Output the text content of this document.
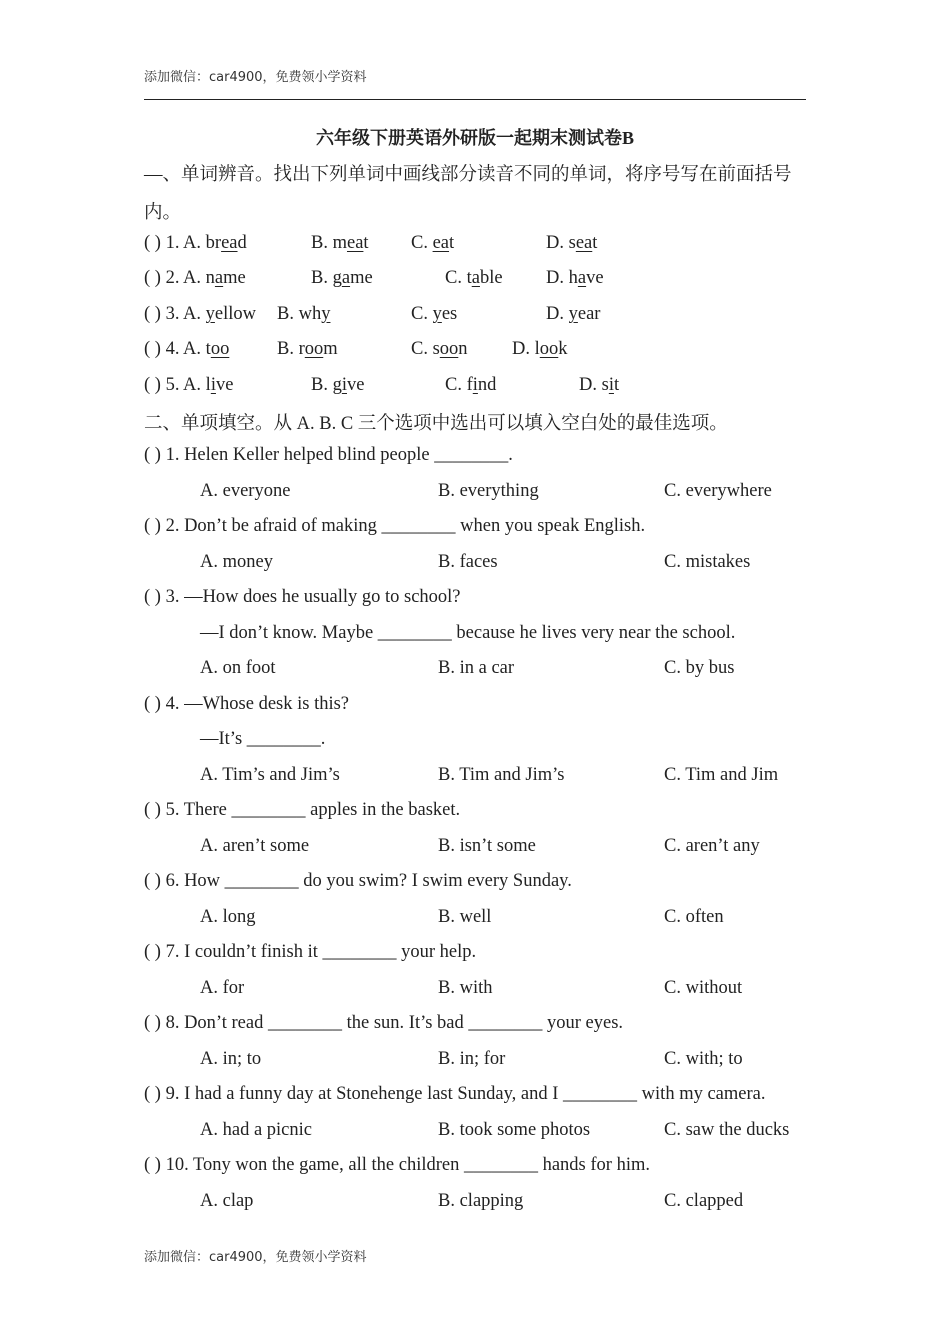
添加微信：car4900，免费领小学资料
六年级下册英语外研版一起期末测试卷B
—、单词辨音。找出下列单词中画线部分读音不同的单词，将序号写在前面括号
内。
( ) 1. A. bread	B. meat C. eat	D. seat
( ) 2. A. name	B. game	C. table D. have
( ) 3. A. yellow B. why	C. yes	D. year
( ) 4. A. too	B. room	C. soon D. look
( ) 5. A. live	B. give	C. find	D. sit
二、单项填空。从 A. B. C 三个选项中选出可以填入空白处的最佳选项。
( ) 1. Helen Keller helped blind people ________.
A. everyone	B. everything	C. everywhere
( ) 2. Don’t be afraid of making ________ when you speak English.
A. money	B. faces	C. mistakes
( ) 3. —How does he usually go to school?
—I don’t know. Maybe ________ because he lives very near the school.
A. on foot	B. in a car	C. by bus
( ) 4. —Whose desk is this?
—It’s ________.
A. Tim’s and Jim’s	B. Tim and Jim’s	C. Tim and Jim
( ) 5. There ________ apples in the basket.
A. aren’t some	B. isn’t some	C. aren’t any
( ) 6. How ________ do you swim? I swim every Sunday.
A. long	B. well	C. often
( ) 7. I couldn’t finish it ________ your help.
A. for	B. with	C. without
( ) 8. Don’t read ________ the sun. It’s bad ________ your eyes.
A. in; to	B. in; for	C. with; to
( ) 9. I had a funny day at Stonehenge last Sunday, and I ________ with my camera.
A. had a picnic	B. took some photos	C. saw the ducks
( ) 10. Tony won the game, all the children ________ hands for him.
A. clap	B. clapping	C. clapped
添加微信：car4900，免费领小学资料
